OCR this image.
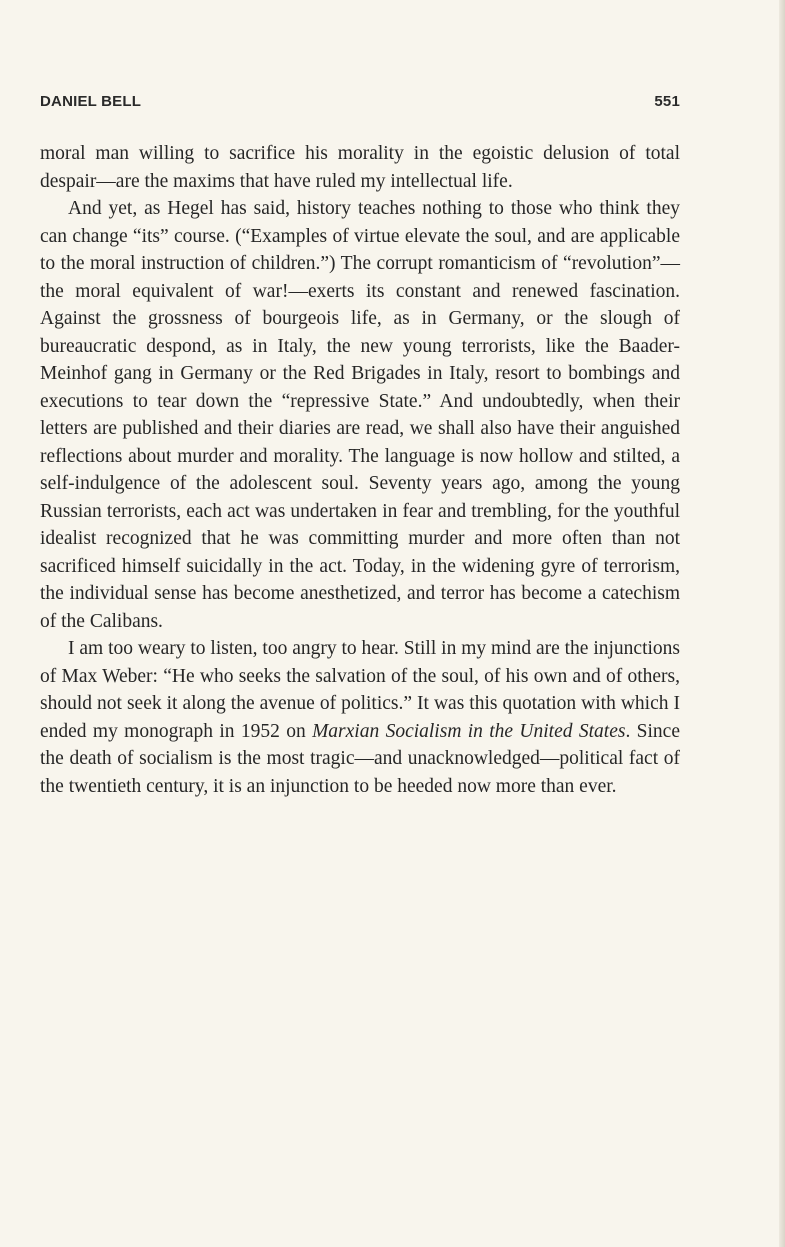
DANIEL BELL	551

moral man willing to sacrifice his morality in the egoistic delusion of total despair—are the maxims that have ruled my intellectual life.

And yet, as Hegel has said, history teaches nothing to those who think they can change “its” course. (“Examples of virtue elevate the soul, and are applicable to the moral instruction of children.”) The corrupt romanticism of “revolution”—the moral equivalent of war!—exerts its constant and renewed fascination. Against the grossness of bourgeois life, as in Germany, or the slough of bureaucratic despond, as in Italy, the new young terrorists, like the Baader-Meinhof gang in Germany or the Red Brigades in Italy, resort to bombings and executions to tear down the “repressive State.” And undoubtedly, when their letters are published and their diaries are read, we shall also have their anguished reflections about murder and morality. The language is now hollow and stilted, a self-indulgence of the adolescent soul. Seventy years ago, among the young Russian terrorists, each act was undertaken in fear and trembling, for the youthful idealist recognized that he was committing murder and more often than not sacrificed himself suicidally in the act. Today, in the widening gyre of terrorism, the individual sense has become anesthetized, and terror has become a catechism of the Calibans.

I am too weary to listen, too angry to hear. Still in my mind are the injunctions of Max Weber: “He who seeks the salvation of the soul, of his own and of others, should not seek it along the avenue of politics.” It was this quotation with which I ended my monograph in 1952 on Marxian Socialism in the United States. Since the death of socialism is the most tragic—and unacknowledged—political fact of the twentieth century, it is an injunction to be heeded now more than ever.
